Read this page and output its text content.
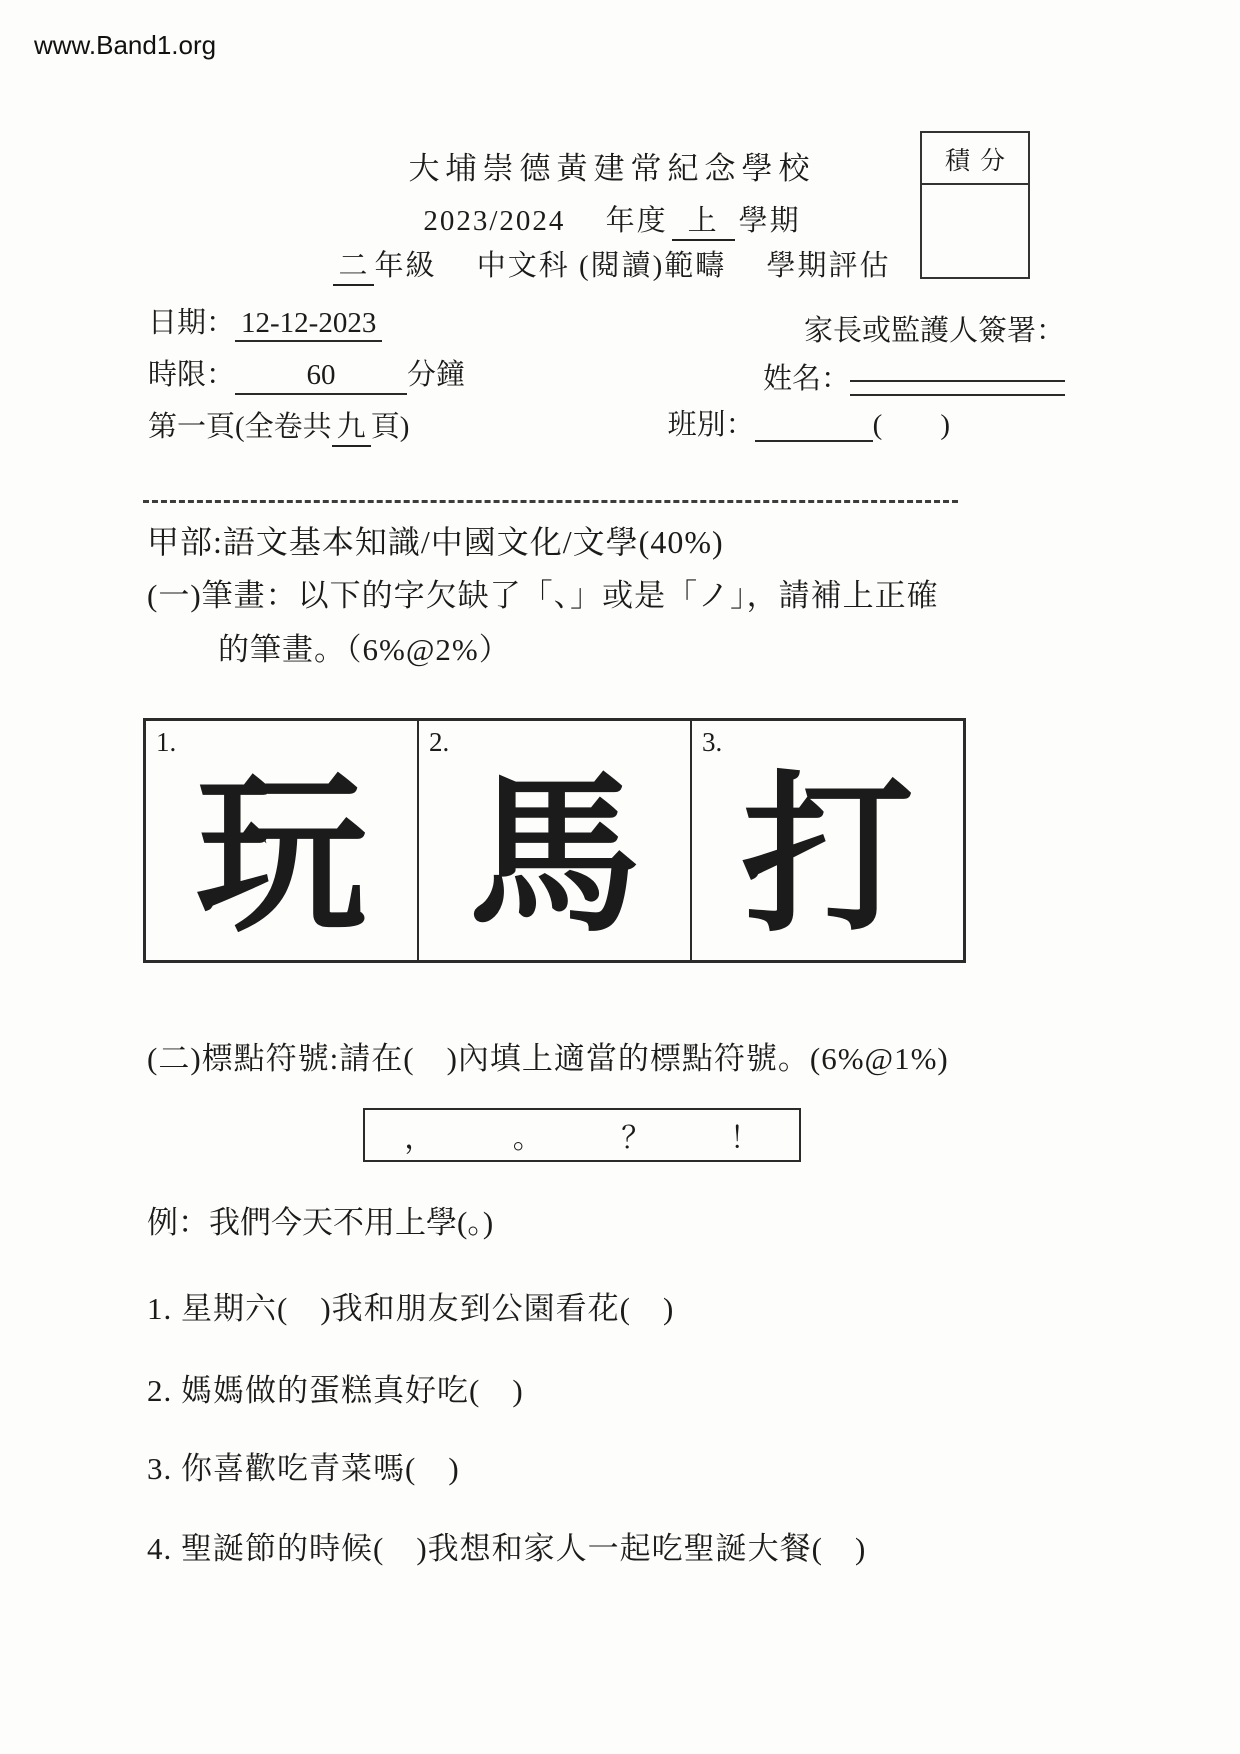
www.Band1.org
大埔崇德黃建常紀念學校
2023/2024　 年度 上 學期
二 年級　 中文科 (閱讀)範疇　 學期評估
積分
日期： 12-12-2023
時限： 60 分鐘
第一頁(全卷共 九 頁)
家長或監護人簽署：
姓名：
班別：	(　　)
甲部:語文基本知識/中國文化/文學(40%)
(一)筆畫：以下的字欠缺了「、」或是「ノ」，請補上正確
的筆畫。（6%@2%）
1.
玩
2.
馬
3.
打
(二)標點符號:請在(　)內填上適當的標點符號。(6%@1%)
，	。	？	！
例：我們今天不用上學(。)
1. 星期六(　)我和朋友到公園看花(　)
2. 媽媽做的蛋糕真好吃(　)
3. 你喜歡吃青菜嗎(　)
4. 聖誕節的時候(　)我想和家人一起吃聖誕大餐(　)
